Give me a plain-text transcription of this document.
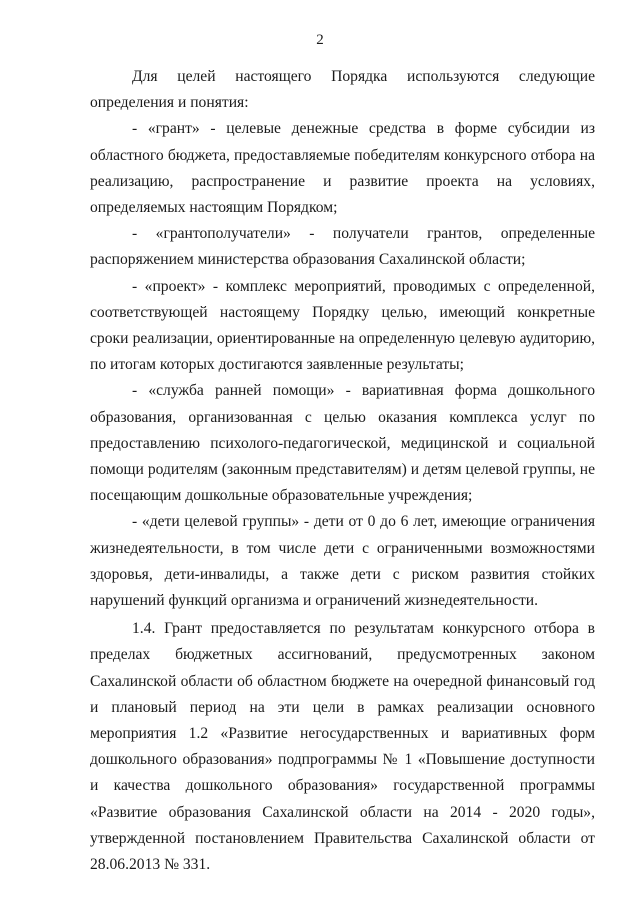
2

Для целей настоящего Порядка используются следующие определения и понятия:

- «грант» - целевые денежные средства в форме субсидии из областного бюджета, предоставляемые победителям конкурсного отбора на реализацию, распространение и развитие проекта на условиях, определяемых настоящим Порядком;

- «грантополучатели» - получатели грантов, определенные распоряжением министерства образования Сахалинской области;

- «проект» - комплекс мероприятий, проводимых с определенной, соответствующей настоящему Порядку целью, имеющий конкретные сроки реализации, ориентированные на определенную целевую аудиторию, по итогам которых достигаются заявленные результаты;

- «служба ранней помощи» - вариативная форма дошкольного образования, организованная с целью оказания комплекса услуг по предоставлению психолого-педагогической, медицинской и социальной помощи родителям (законным представителям) и детям целевой группы, не посещающим дошкольные образовательные учреждения;

- «дети целевой группы» - дети от 0 до 6 лет, имеющие ограничения жизнедеятельности, в том числе дети с ограниченными возможностями здоровья, дети-инвалиды, а также дети с риском развития стойких нарушений функций организма и ограничений жизнедеятельности.

1.4. Грант предоставляется по результатам конкурсного отбора в пределах бюджетных ассигнований, предусмотренных законом Сахалинской области об областном бюджете на очередной финансовый год и плановый период на эти цели в рамках реализации основного мероприятия 1.2 «Развитие негосударственных и вариативных форм дошкольного образования» подпрограммы № 1 «Повышение доступности и качества дошкольного образования» государственной программы «Развитие образования Сахалинской области на 2014 - 2020 годы», утвержденной постановлением Правительства Сахалинской области от 28.06.2013 № 331.
